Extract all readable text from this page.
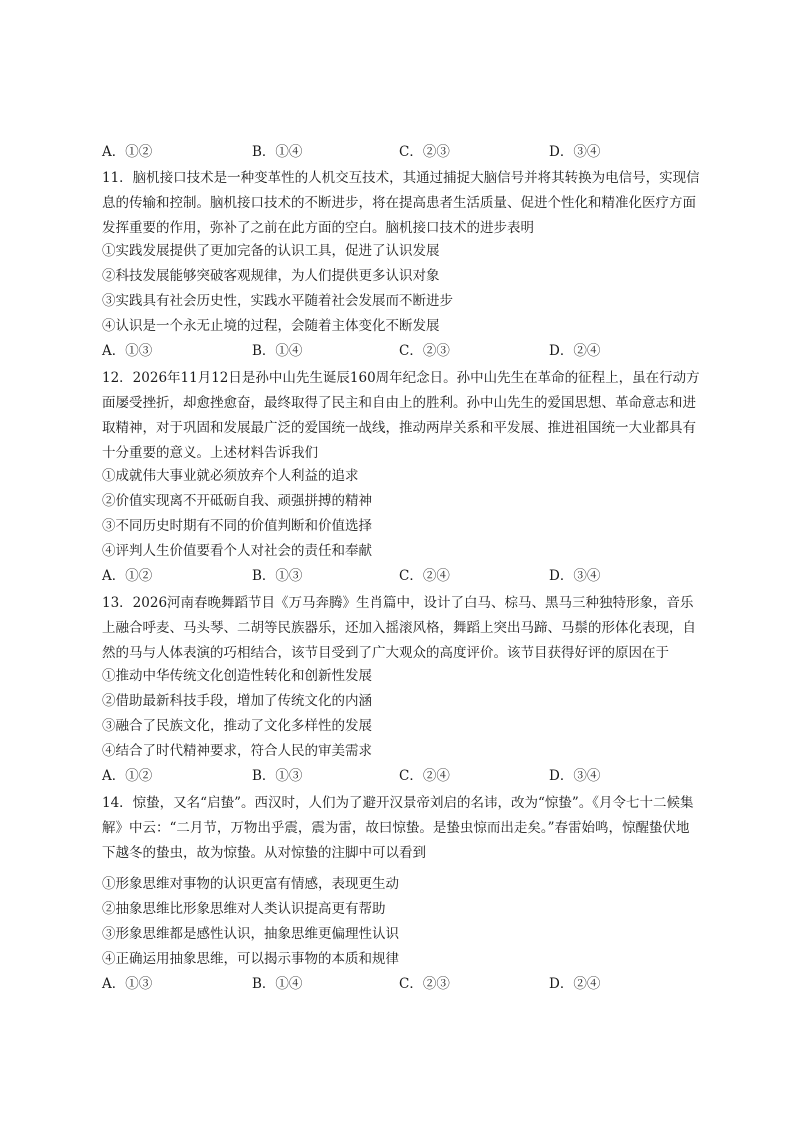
A．①②	B．①④	C．②③	D．③④
11．脑机接口技术是一种变革性的人机交互技术，其通过捕捉大脑信号并将其转换为电信号，实现信息的传输和控制。脑机接口技术的不断进步，将在提高患者生活质量、促进个性化和精准化医疗方面发挥重要的作用，弥补了之前在此方面的空白。脑机接口技术的进步表明
①实践发展提供了更加完备的认识工具，促进了认识发展
②科技发展能够突破客观规律，为人们提供更多认识对象
③实践具有社会历史性，实践水平随着社会发展而不断进步
④认识是一个永无止境的过程，会随着主体变化不断发展
A．①③	B．①④	C．②③	D．②④
12．2026年11月12日是孙中山先生诞辰160周年纪念日。孙中山先生在革命的征程上，虽在行动方面屡受挫折，却愈挫愈奋，最终取得了民主和自由上的胜利。孙中山先生的爱国思想、革命意志和进取精神，对于巩固和发展最广泛的爱国统一战线，推动两岸关系和平发展、推进祖国统一大业都具有十分重要的意义。上述材料告诉我们
①成就伟大事业就必须放弃个人利益的追求
②价值实现离不开砥砺自我、顽强拼搏的精神
③不同历史时期有不同的价值判断和价值选择
④评判人生价值要看个人对社会的责任和奉献
A．①②	B．①③	C．②④	D．③④
13．2026河南春晚舞蹈节目《万马奔腾》生肖篇中，设计了白马、棕马、黑马三种独特形象，音乐上融合呼麦、马头琴、二胡等民族器乐，还加入摇滚风格，舞蹈上突出马蹄、马鬃的形体化表现，自然的马与人体表演的巧相结合，该节目受到了广大观众的高度评价。该节目获得好评的原因在于
①推动中华传统文化创造性转化和创新性发展
②借助最新科技手段，增加了传统文化的内涵
③融合了民族文化，推动了文化多样性的发展
④结合了时代精神要求，符合人民的审美需求
A．①②	B．①③	C．②④	D．③④
14．惊蛰，又名“启蛰”。西汉时，人们为了避开汉景帝刘启的名讳，改为“惊蛰”。《月令七十二候集解》中云：“二月节，万物出乎震，震为雷，故曰惊蛰。是蛰虫惊而出走矣。”春雷始鸣，惊醒蛰伏地下越冬的蛰虫，故为惊蛰。从对惊蛰的注脚中可以看到
①形象思维对事物的认识更富有情感，表现更生动
②抽象思维比形象思维对人类认识提高更有帮助
③形象思维都是感性认识，抽象思维更偏理性认识
④正确运用抽象思维，可以揭示事物的本质和规律
A．①③	B．①④	C．②③	D．②④
